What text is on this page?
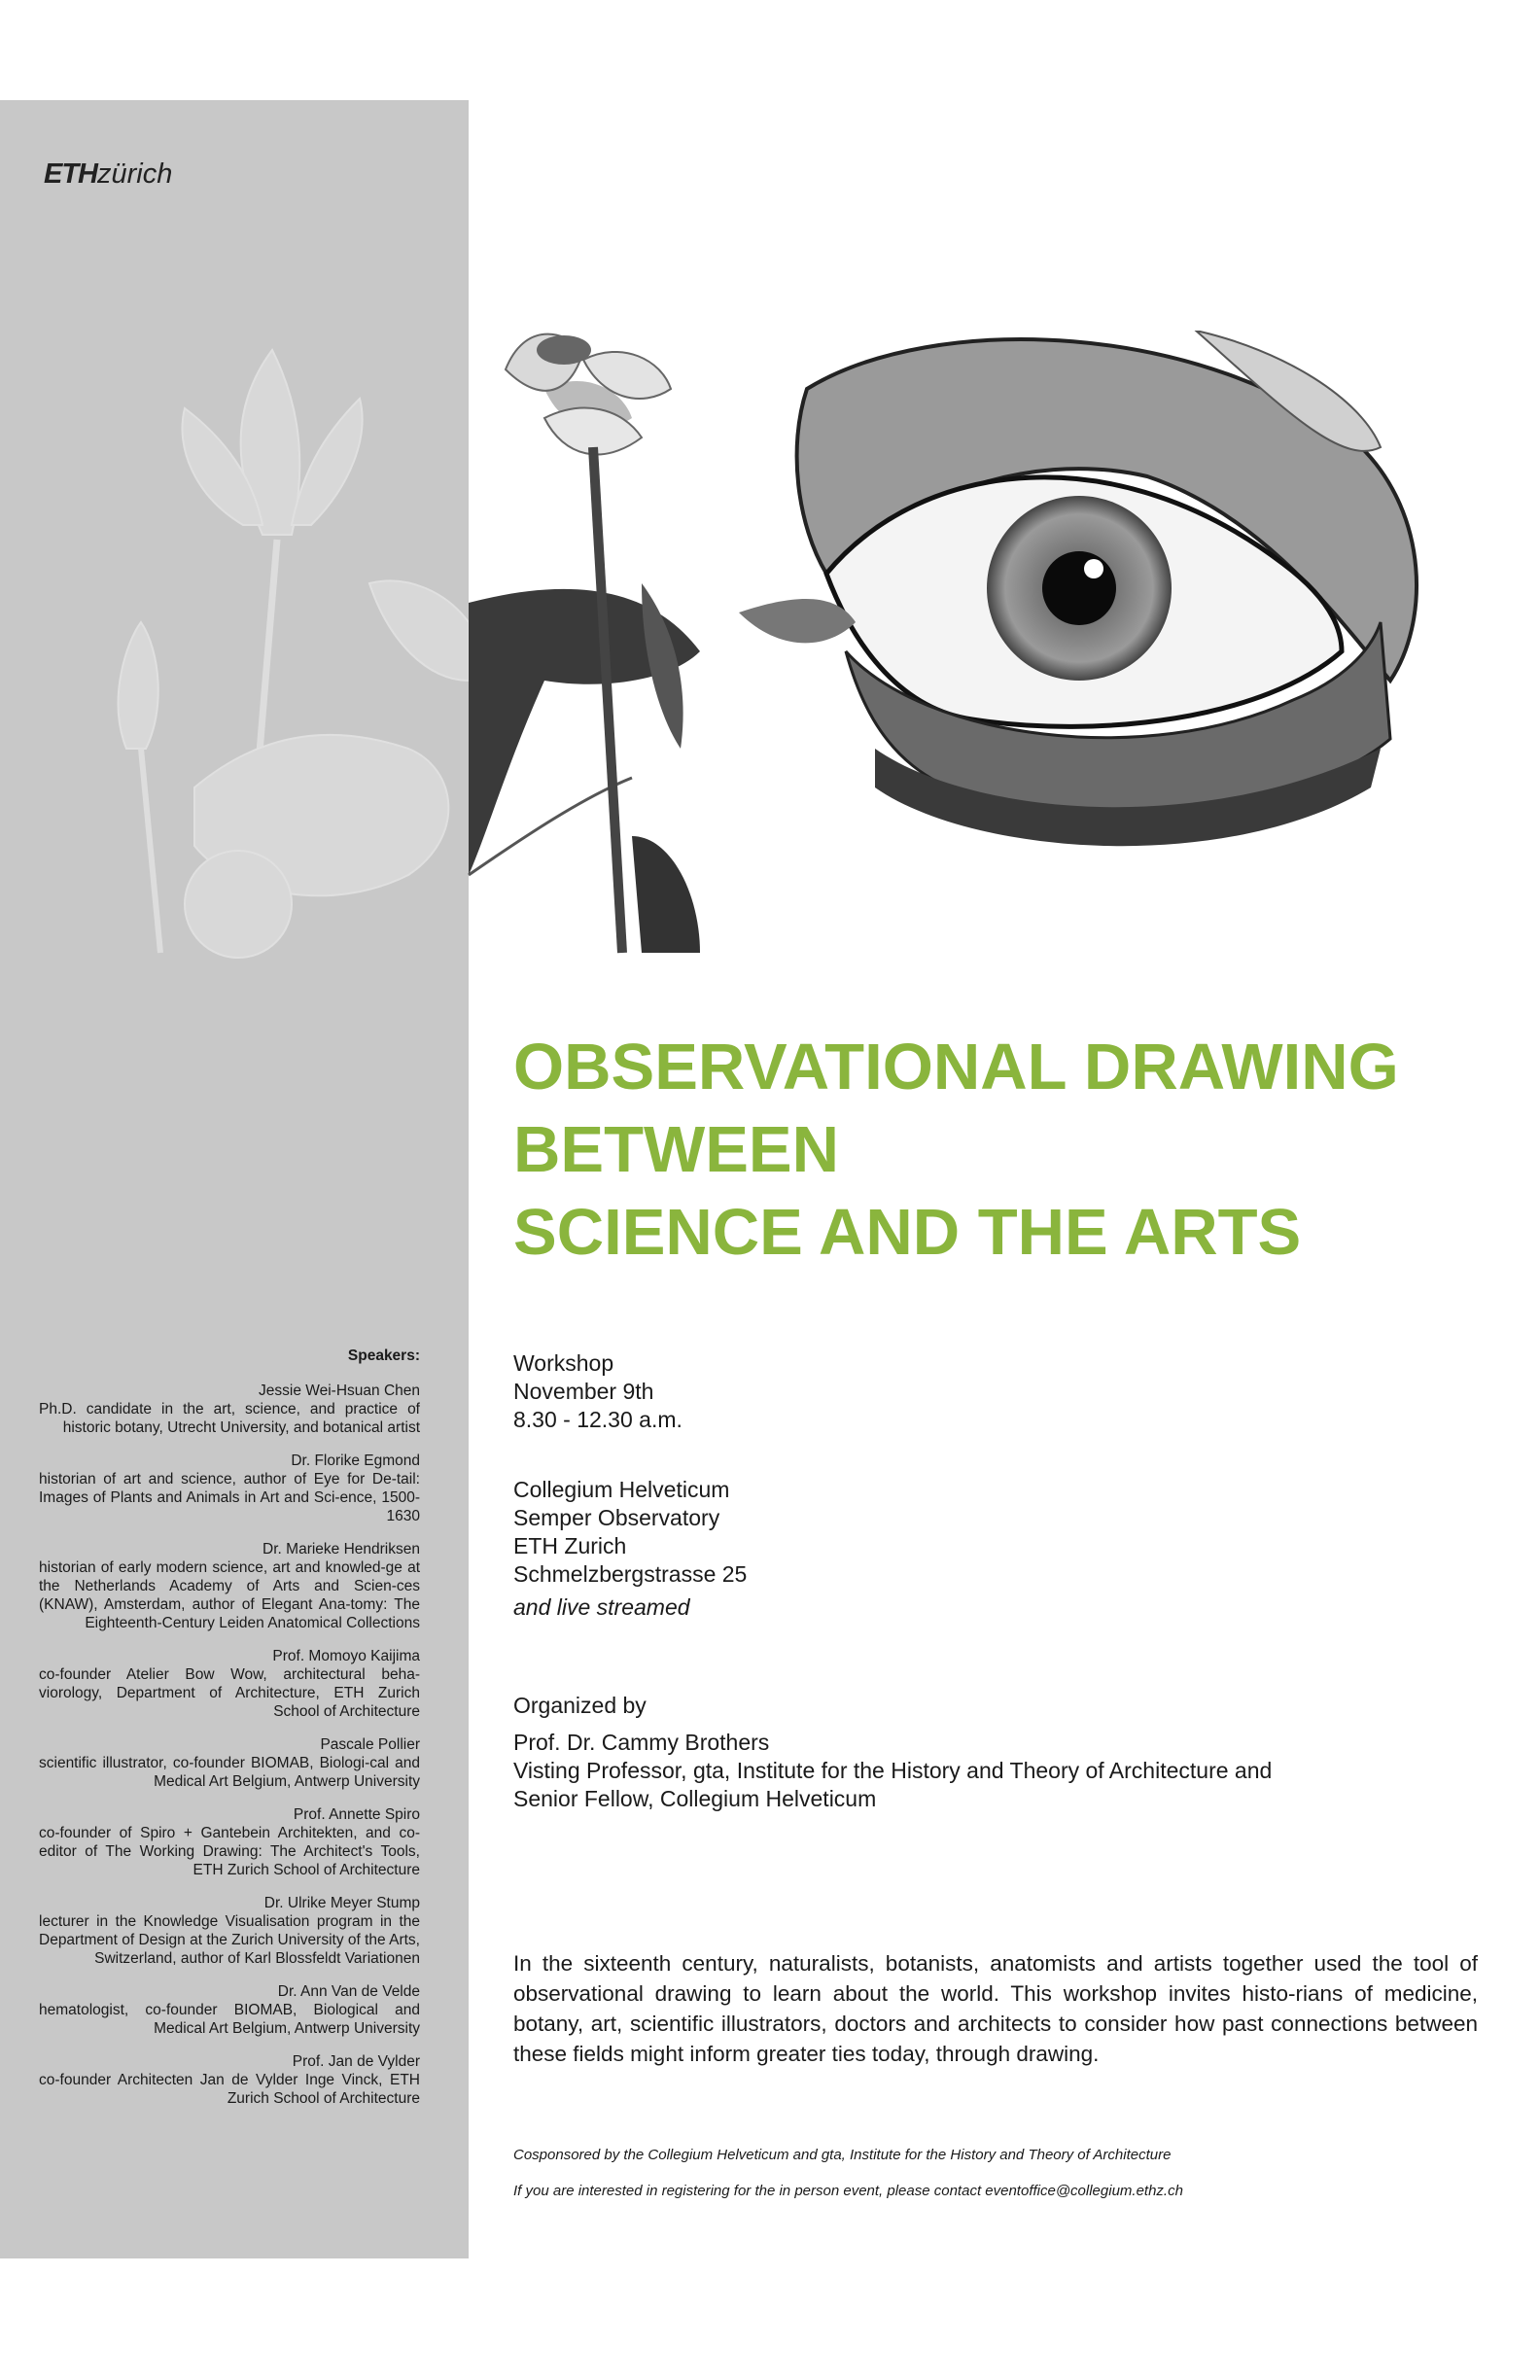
ETHzürich
OBSERVATIONAL DRAWING
BETWEEN
SCIENCE AND THE ARTS
Speakers:
Jessie Wei-Hsuan Chen
Ph.D. candidate in the art, science, and practice of historic botany, Utrecht University, and botanical artist
Dr. Florike Egmond
historian of art and science, author of Eye for De-tail: Images of Plants and Animals in Art and Sci-ence, 1500-1630
Dr. Marieke Hendriksen
historian of early modern science, art and knowled-ge at the Netherlands Academy of Arts and Scien-ces (KNAW), Amsterdam, author of Elegant Ana-tomy: The Eighteenth-Century Leiden Anatomical Collections
Prof. Momoyo Kaijima
co-founder Atelier Bow Wow, architectural beha-viorology, Department of Architecture, ETH Zurich School of Architecture
Pascale Pollier
scientific illustrator, co-founder BIOMAB, Biologi-cal and Medical Art Belgium, Antwerp University
Prof. Annette Spiro
co-founder of Spiro + Gantebein Architekten, and co-editor of The Working Drawing: The Architect's Tools, ETH Zurich School of Architecture
Dr. Ulrike Meyer Stump
lecturer in the Knowledge Visualisation program in the Department of Design at the Zurich University of the Arts, Switzerland, author of Karl Blossfeldt Variationen
Dr. Ann Van de Velde
hematologist, co-founder BIOMAB, Biological and Medical Art Belgium, Antwerp University
Prof. Jan de Vylder
co-founder Architecten Jan de Vylder Inge Vinck, ETH Zurich School of Architecture
Workshop
November 9th
8.30 - 12.30 a.m.
Collegium Helveticum
Semper Observatory
ETH Zurich
Schmelzbergstrasse 25
and live streamed
Organized by
Prof. Dr. Cammy Brothers
Visting Professor, gta, Institute for the History and Theory of Architecture and
Senior Fellow, Collegium Helveticum
In the sixteenth century, naturalists, botanists, anatomists and artists together used the tool of observational drawing to learn about the world. This workshop invites histo-rians of medicine, botany, art, scientific illustrators, doctors and architects to consider how past connections between these fields might inform greater ties today, through drawing.
Cosponsored by the Collegium Helveticum and gta, Institute for the History and Theory of Architecture
If you are interested in registering for the in person event, please contact eventoffice@collegium.ethz.ch
